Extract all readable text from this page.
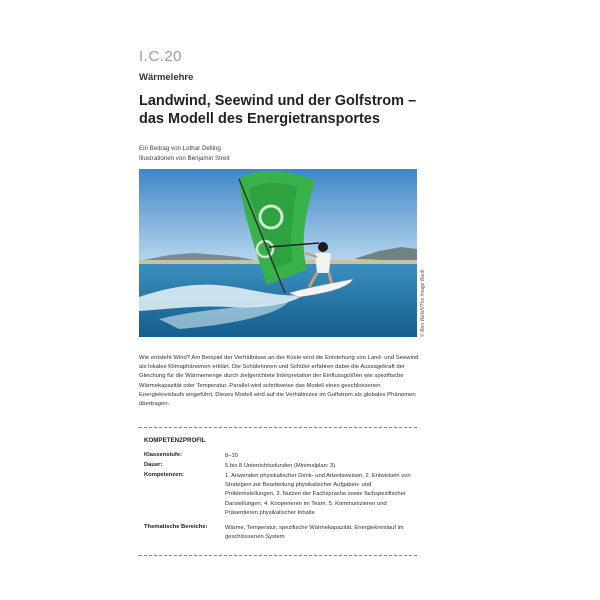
I.C.20
Wärmelehre
Landwind, Seewind und der Golfstrom –
das Modell des Energietransportes
Ein Beitrag von Lothar Delling
Illustrationen von Benjamin Streit
© Ben Welsh/The Image Bank
Wie entsteht Wind? Am Beispiel der Verhältnisse an der Küste wird die Entstehung von Land- und Seewind als lokales Klimaphänomen erklärt. Die Schülerinnen und Schüler erfahren dabei die Aussagekraft der Gleichung für die Wärmemenge durch zielgerichtete Interpretation der Einflussgrößen wie spezifische Wärmekapazität oder Temperatur. Parallel wird schrittweise das Modell eines geschlossenen Energiekreislaufs eingeführt. Dieses Modell wird auf die Verhältnisse im Golfstrom als globales Phänomen übertragen.
KOMPETENZPROFIL
Klassenstufe:	8–10
Dauer:	5 bis 8 Unterrichtsstunden (Minimalplan: 3)
Kompetenzen:	1. Anwenden physikalischer Denk- und Arbeitsweisen, 2. Entwickeln von Strategien zur Bearbeitung physikalischer Aufgaben- und Problemstellungen, 3. Nutzen der Fachsprache sowie fachspezifischer Darstellungen, 4. Kooperieren im Team, 5. Kommunizieren und Präsentieren physikalischer Inhalte
Thematische Bereiche:	Wärme, Temperatur, spezifische Wärmekapazität, Energiekreislauf im geschlossenen System
